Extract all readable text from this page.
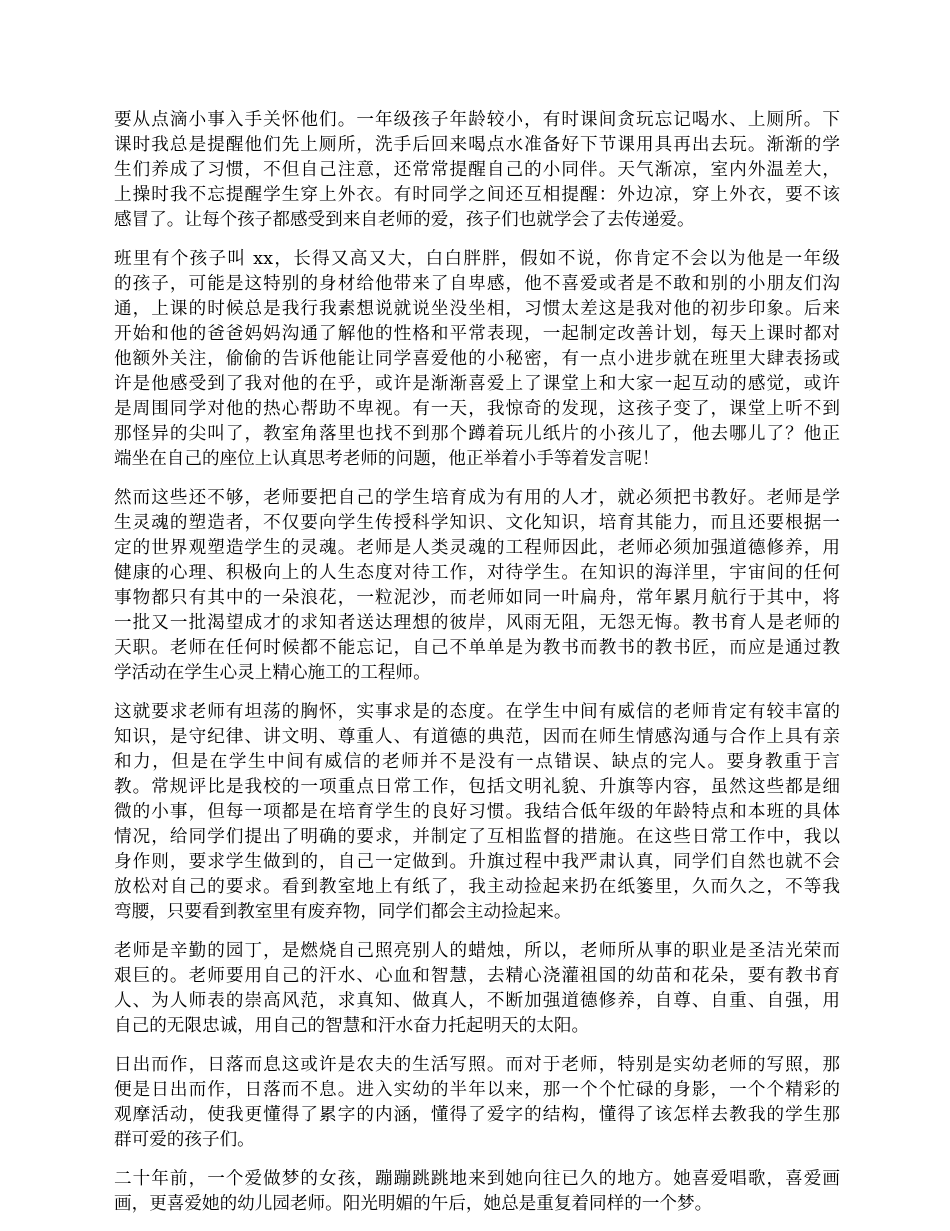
要从点滴小事入手关怀他们。一年级孩子年龄较小，有时课间贪玩忘记喝水、上厕所。下
课时我总是提醒他们先上厕所，洗手后回来喝点水准备好下节课用具再出去玩。渐渐的学
生们养成了习惯，不但自己注意，还常常提醒自己的小同伴。天气渐凉，室内外温差大，
上操时我不忘提醒学生穿上外衣。有时同学之间还互相提醒：外边凉，穿上外衣，要不该
感冒了。让每个孩子都感受到来自老师的爱，孩子们也就学会了去传递爱。
班里有个孩子叫 xx，长得又高又大，白白胖胖，假如不说，你肯定不会以为他是一年级
的孩子，可能是这特别的身材给他带来了自卑感，他不喜爱或者是不敢和别的小朋友们沟
通，上课的时候总是我行我素想说就说坐没坐相，习惯太差这是我对他的初步印象。后来
开始和他的爸爸妈妈沟通了解他的性格和平常表现，一起制定改善计划，每天上课时都对
他额外关注，偷偷的告诉他能让同学喜爱他的小秘密，有一点小进步就在班里大肆表扬或
许是他感受到了我对他的在乎，或许是渐渐喜爱上了课堂上和大家一起互动的感觉，或许
是周围同学对他的热心帮助不卑视。有一天，我惊奇的发现，这孩子变了，课堂上听不到
那怪异的尖叫了，教室角落里也找不到那个蹲着玩儿纸片的小孩儿了，他去哪儿了？他正
端坐在自己的座位上认真思考老师的问题，他正举着小手等着发言呢！
然而这些还不够，老师要把自己的学生培育成为有用的人才，就必须把书教好。老师是学
生灵魂的塑造者，不仅要向学生传授科学知识、文化知识，培育其能力，而且还要根据一
定的世界观塑造学生的灵魂。老师是人类灵魂的工程师因此，老师必须加强道德修养，用
健康的心理、积极向上的人生态度对待工作，对待学生。在知识的海洋里，宇宙间的任何
事物都只有其中的一朵浪花，一粒泥沙，而老师如同一叶扁舟，常年累月航行于其中，将
一批又一批渴望成才的求知者送达理想的彼岸，风雨无阻，无怨无悔。教书育人是老师的
天职。老师在任何时候都不能忘记，自己不单单是为教书而教书的教书匠，而应是通过教
学活动在学生心灵上精心施工的工程师。
这就要求老师有坦荡的胸怀，实事求是的态度。在学生中间有威信的老师肯定有较丰富的
知识，是守纪律、讲文明、尊重人、有道德的典范，因而在师生情感沟通与合作上具有亲
和力，但是在学生中间有威信的老师并不是没有一点错误、缺点的完人。要身教重于言
教。常规评比是我校的一项重点日常工作，包括文明礼貌、升旗等内容，虽然这些都是细
微的小事，但每一项都是在培育学生的良好习惯。我结合低年级的年龄特点和本班的具体
情况，给同学们提出了明确的要求，并制定了互相监督的措施。在这些日常工作中，我以
身作则，要求学生做到的，自己一定做到。升旗过程中我严肃认真，同学们自然也就不会
放松对自己的要求。看到教室地上有纸了，我主动捡起来扔在纸篓里，久而久之，不等我
弯腰，只要看到教室里有废弃物，同学们都会主动捡起来。
老师是辛勤的园丁，是燃烧自己照亮别人的蜡烛，所以，老师所从事的职业是圣洁光荣而
艰巨的。老师要用自己的汗水、心血和智慧，去精心浇灌祖国的幼苗和花朵，要有教书育
人、为人师表的崇高风范，求真知、做真人，不断加强道德修养，自尊、自重、自强，用
自己的无限忠诚，用自己的智慧和汗水奋力托起明天的太阳。
日出而作，日落而息这或许是农夫的生活写照。而对于老师，特别是实幼老师的写照，那
便是日出而作，日落而不息。进入实幼的半年以来，那一个个忙碌的身影，一个个精彩的
观摩活动，使我更懂得了累字的内涵，懂得了爱字的结构，懂得了该怎样去教我的学生那
群可爱的孩子们。
二十年前，一个爱做梦的女孩，蹦蹦跳跳地来到她向往已久的地方。她喜爱唱歌，喜爱画
画，更喜爱她的幼儿园老师。阳光明媚的午后，她总是重复着同样的一个梦。
